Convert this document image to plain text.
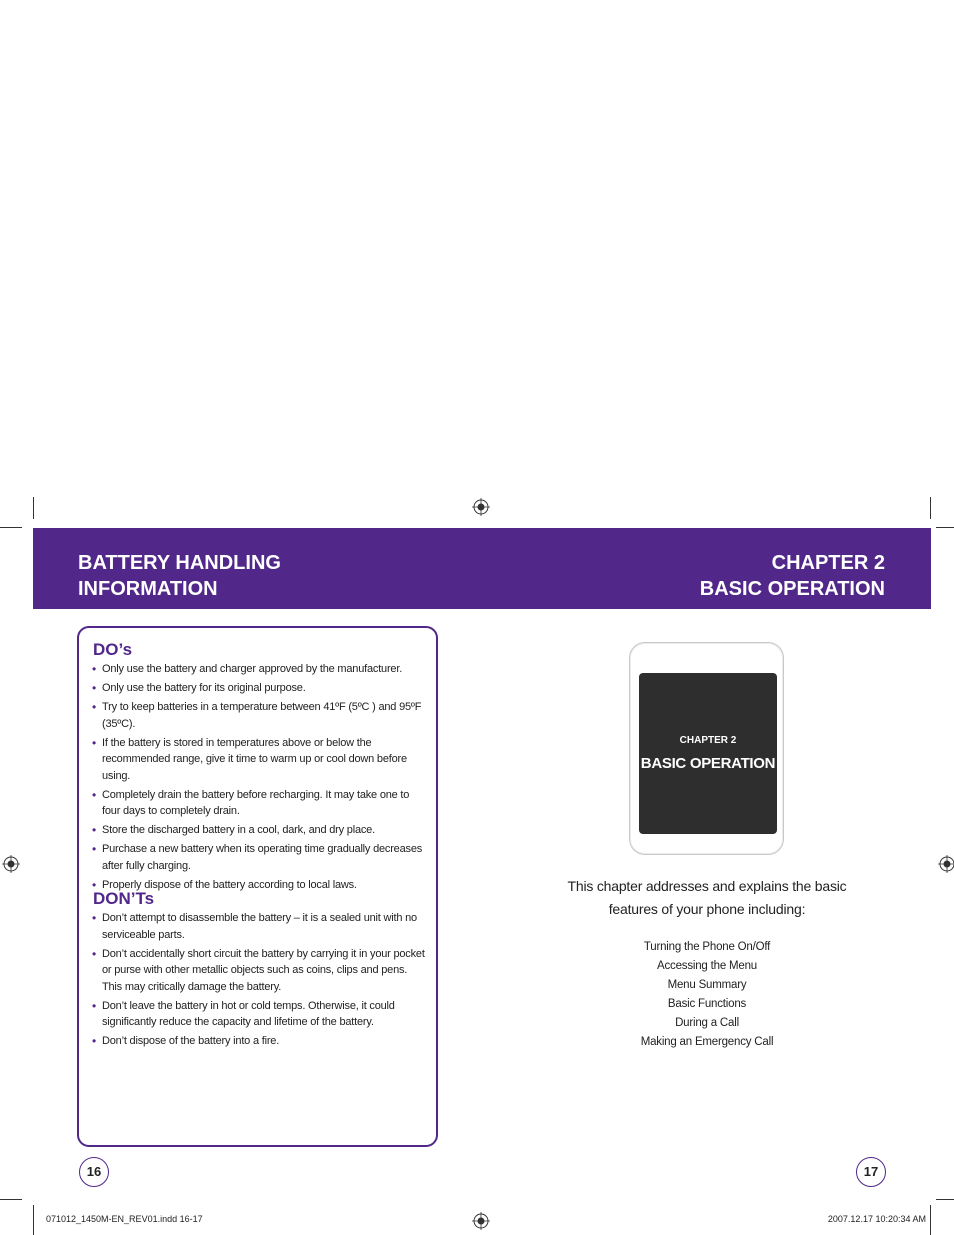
BATTERY HANDLING
INFORMATION
CHAPTER 2
BASIC OPERATION
DO’s
• Only use the battery and charger approved by the manufacturer.
• Only use the battery for its original purpose.
• Try to keep batteries in a temperature between 41ºF (5ºC ) and 95ºF (35ºC).
• If the battery is stored in temperatures above or below the recommended range, give it time to warm up or cool down before using.
• Completely drain the battery before recharging. It may take one to four days to completely drain.
• Store the discharged battery in a cool, dark, and dry place.
• Purchase a new battery when its operating time gradually decreases after fully charging.
• Properly dispose of the battery according to local laws.
DON’Ts
• Don’t attempt to disassemble the battery – it is a sealed unit with no serviceable parts.
• Don’t accidentally short circuit the battery by carrying it in your pocket or purse with other metallic objects such as coins, clips and pens.
This may critically damage the battery.
• Don’t leave the battery in hot or cold temps. Otherwise, it could significantly reduce the capacity and lifetime of the battery.
• Don’t dispose of the battery into a fire.
16	17
CHAPTER 2
BASIC OPERATION
This chapter addresses and explains the basic
features of your phone including:
Turning the Phone On/Off
Accessing the Menu
Menu Summary
Basic Functions
During a Call
Making an Emergency Call
071012_1450M-EN_REV01.indd 16-17	2007.12.17 10:20:34 AM
